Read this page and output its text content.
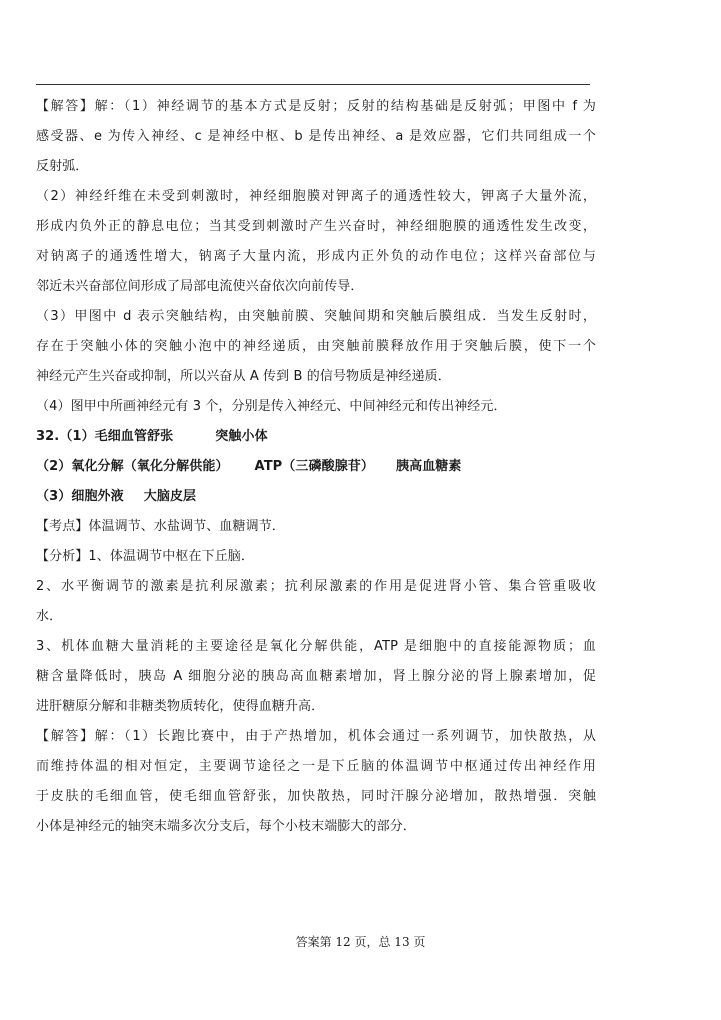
【解答】解：（1）神经调节的基本方式是反射；反射的结构基础是反射弧；甲图中 f 为
感受器、e 为传入神经、c 是神经中枢、b 是传出神经、a 是效应器，它们共同组成一个
反射弧．
（2）神经纤维在未受到刺激时，神经细胞膜对钾离子的通透性较大，钾离子大量外流，
形成内负外正的静息电位；当其受到刺激时产生兴奋时，神经细胞膜的通透性发生改变，
对钠离子的通透性增大，钠离子大量内流，形成内正外负的动作电位；这样兴奋部位与
邻近未兴奋部位间形成了局部电流使兴奋依次向前传导．
（3）甲图中 d 表示突触结构，由突触前膜、突触间期和突触后膜组成．当发生反射时，
存在于突触小体的突触小泡中的神经递质，由突触前膜释放作用于突触后膜，使下一个
神经元产生兴奋或抑制，所以兴奋从 A 传到 B 的信号物质是神经递质．
（4）图甲中所画神经元有 3 个，分别是传入神经元、中间神经元和传出神经元．
32.（1）毛细血管舒张	突触小体
（2）氧化分解（氧化分解供能） ATP（三磷酸腺苷） 胰高血糖素
（3）细胞外液 大脑皮层
【考点】体温调节、水盐调节、血糖调节．
【分析】1、体温调节中枢在下丘脑．
2、水平衡调节的激素是抗利尿激素；抗利尿激素的作用是促进肾小管、集合管重吸收
水．
3、机体血糖大量消耗的主要途径是氧化分解供能，ATP 是细胞中的直接能源物质；血
糖含量降低时，胰岛 A 细胞分泌的胰岛高血糖素增加，肾上腺分泌的肾上腺素增加，促
进肝糖原分解和非糖类物质转化，使得血糖升高．
【解答】解：（1）长跑比赛中，由于产热增加，机体会通过一系列调节，加快散热，从
而维持体温的相对恒定，主要调节途径之一是下丘脑的体温调节中枢通过传出神经作用
于皮肤的毛细血管，使毛细血管舒张，加快散热，同时汗腺分泌增加，散热增强．突触
小体是神经元的轴突末端多次分支后，每个小枝末端膨大的部分．
答案第 12 页，总 13 页
